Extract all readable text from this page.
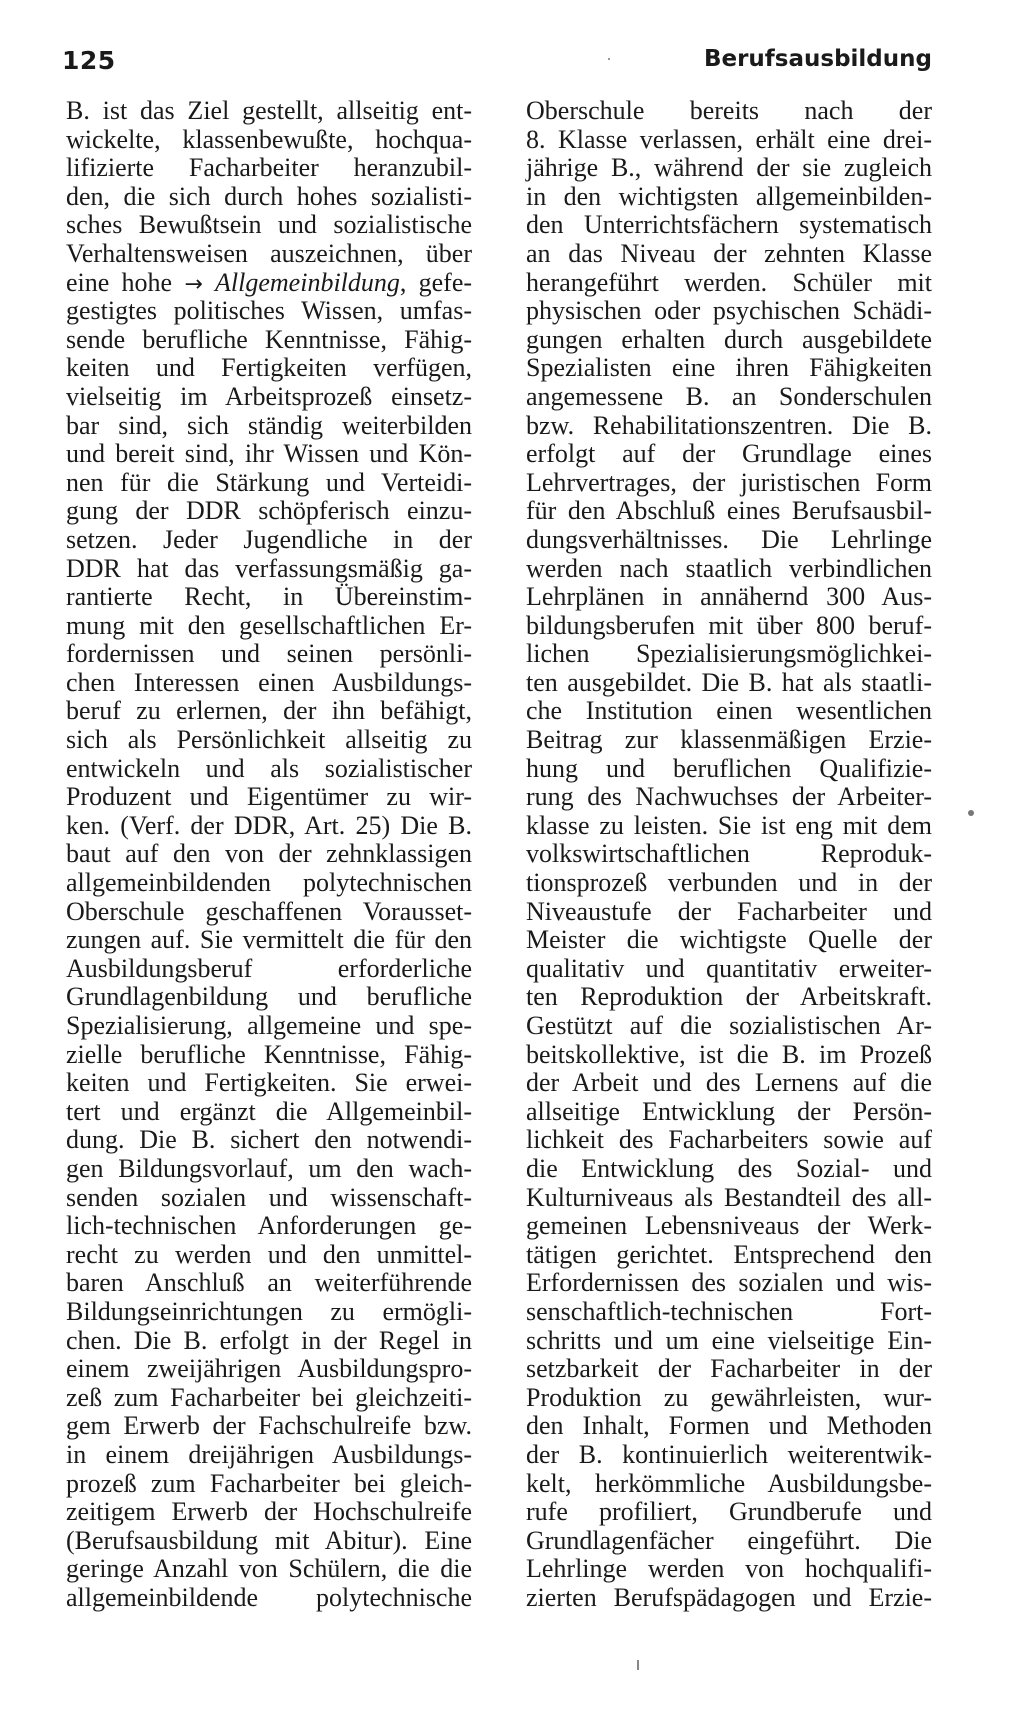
125	Berufsausbildung
B. ist das Ziel gestellt, allseitig ent-
wickelte, klassenbewußte, hochqua-
lifizierte Facharbeiter heranzubil-
den, die sich durch hohes sozialisti-
sches Bewußtsein und sozialistische
Verhaltensweisen auszeichnen, über
eine hohe → Allgemeinbildung, gefe-
gestigtes politisches Wissen, umfas-
sende berufliche Kenntnisse, Fähig-
keiten und Fertigkeiten verfügen,
vielseitig im Arbeitsprozeß einsetz-
bar sind, sich ständig weiterbilden
und bereit sind, ihr Wissen und Kön-
nen für die Stärkung und Verteidi-
gung der DDR schöpferisch einzu-
setzen. Jeder Jugendliche in der
DDR hat das verfassungsmäßig ga-
rantierte Recht, in Übereinstim-
mung mit den gesellschaftlichen Er-
fordernissen und seinen persönli-
chen Interessen einen Ausbildungs-
beruf zu erlernen, der ihn befähigt,
sich als Persönlichkeit allseitig zu
entwickeln und als sozialistischer
Produzent und Eigentümer zu wir-
ken. (Verf. der DDR, Art. 25) Die B.
baut auf den von der zehnklassigen
allgemeinbildenden polytechnischen
Oberschule geschaffenen Vorausset-
zungen auf. Sie vermittelt die für den
Ausbildungsberuf erforderliche
Grundlagenbildung und berufliche
Spezialisierung, allgemeine und spe-
zielle berufliche Kenntnisse, Fähig-
keiten und Fertigkeiten. Sie erwei-
tert und ergänzt die Allgemeinbil-
dung. Die B. sichert den notwendi-
gen Bildungsvorlauf, um den wach-
senden sozialen und wissenschaft-
lich-technischen Anforderungen ge-
recht zu werden und den unmittel-
baren Anschluß an weiterführende
Bildungseinrichtungen zu ermögli-
chen. Die B. erfolgt in der Regel in
einem zweijährigen Ausbildungspro-
zeß zum Facharbeiter bei gleichzeiti-
gem Erwerb der Fachschulreife bzw.
in einem dreijährigen Ausbildungs-
prozeß zum Facharbeiter bei gleich-
zeitigem Erwerb der Hochschulreife
(Berufsausbildung mit Abitur). Eine
geringe Anzahl von Schülern, die die
allgemeinbildende polytechnische
Oberschule bereits nach der
8. Klasse verlassen, erhält eine drei-
jährige B., während der sie zugleich
in den wichtigsten allgemeinbilden-
den Unterrichtsfächern systematisch
an das Niveau der zehnten Klasse
herangeführt werden. Schüler mit
physischen oder psychischen Schädi-
gungen erhalten durch ausgebildete
Spezialisten eine ihren Fähigkeiten
angemessene B. an Sonderschulen
bzw. Rehabilitationszentren. Die B.
erfolgt auf der Grundlage eines
Lehrvertrages, der juristischen Form
für den Abschluß eines Berufsausbil-
dungsverhältnisses. Die Lehrlinge
werden nach staatlich verbindlichen
Lehrplänen in annähernd 300 Aus-
bildungsberufen mit über 800 beruf-
lichen Spezialisierungsmöglichkei-
ten ausgebildet. Die B. hat als staatli-
che Institution einen wesentlichen
Beitrag zur klassenmäßigen Erzie-
hung und beruflichen Qualifizie-
rung des Nachwuchses der Arbeiter-
klasse zu leisten. Sie ist eng mit dem
volkswirtschaftlichen Reproduk-
tionsprozeß verbunden und in der
Niveaustufe der Facharbeiter und
Meister die wichtigste Quelle der
qualitativ und quantitativ erweiter-
ten Reproduktion der Arbeitskraft.
Gestützt auf die sozialistischen Ar-
beitskollektive, ist die B. im Prozeß
der Arbeit und des Lernens auf die
allseitige Entwicklung der Persön-
lichkeit des Facharbeiters sowie auf
die Entwicklung des Sozial- und
Kulturniveaus als Bestandteil des all-
gemeinen Lebensniveaus der Werk-
tätigen gerichtet. Entsprechend den
Erfordernissen des sozialen und wis-
senschaftlich-technischen Fort-
schritts und um eine vielseitige Ein-
setzbarkeit der Facharbeiter in der
Produktion zu gewährleisten, wur-
den Inhalt, Formen und Methoden
der B. kontinuierlich weiterentwik-
kelt, herkömmliche Ausbildungsbe-
rufe profiliert, Grundberufe und
Grundlagenfächer eingeführt. Die
Lehrlinge werden von hochqualifi-
zierten Berufspädagogen und Erzie-
